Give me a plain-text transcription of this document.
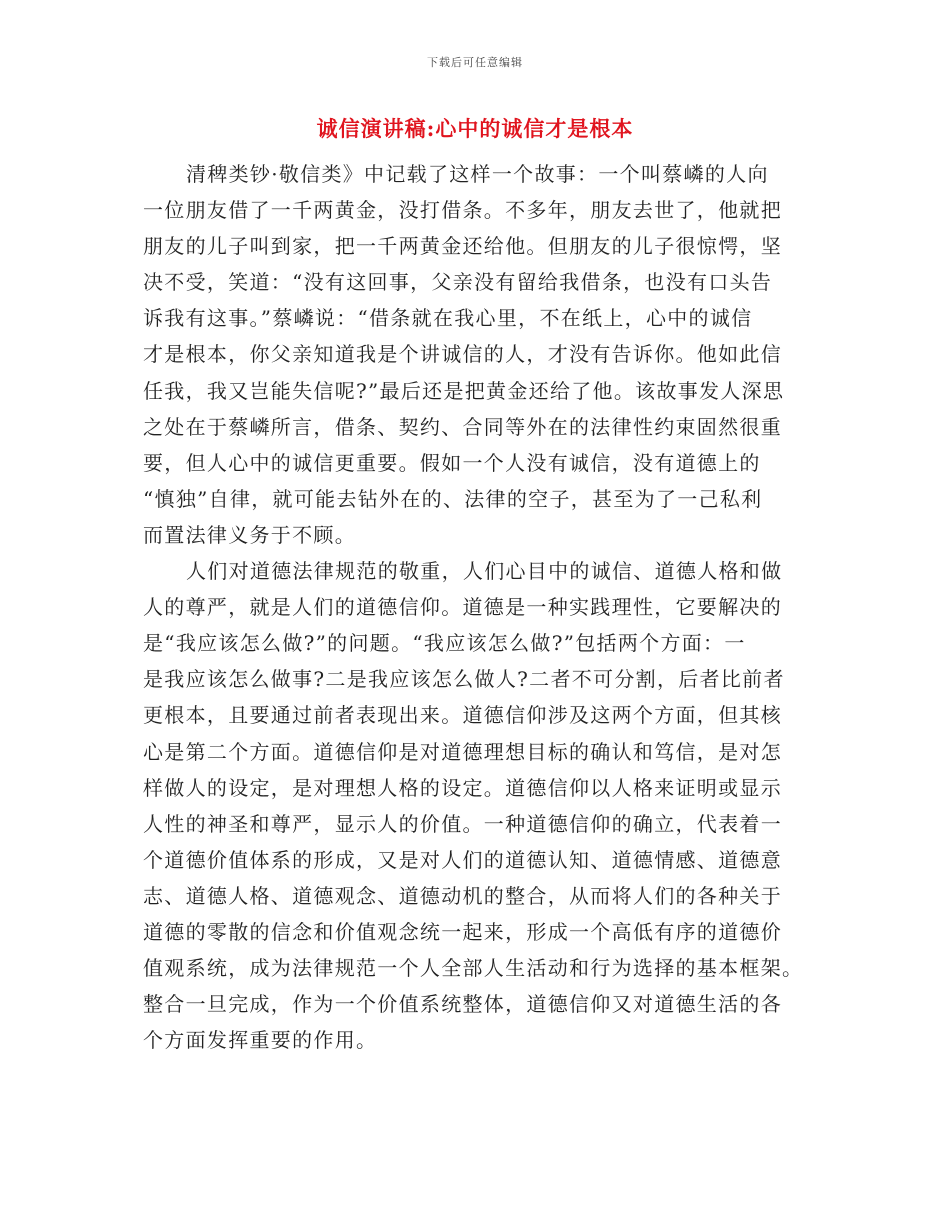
下载后可任意编辑
诚信演讲稿:心中的诚信才是根本
清稗类钞·敬信类》中记载了这样一个故事：一个叫蔡嶙的人向
一位朋友借了一千两黄金，没打借条。不多年，朋友去世了，他就把
朋友的儿子叫到家，把一千两黄金还给他。但朋友的儿子很惊愕，坚
决不受，笑道：“没有这回事，父亲没有留给我借条，也没有口头告
诉我有这事。”蔡嶙说：“借条就在我心里，不在纸上，心中的诚信
才是根本，你父亲知道我是个讲诚信的人，才没有告诉你。他如此信
任我，我又岂能失信呢?”最后还是把黄金还给了他。该故事发人深思
之处在于蔡嶙所言，借条、契约、合同等外在的法律性约束固然很重
要，但人心中的诚信更重要。假如一个人没有诚信，没有道德上的
“慎独”自律，就可能去钻外在的、法律的空子，甚至为了一己私利
而置法律义务于不顾。
人们对道德法律规范的敬重，人们心目中的诚信、道德人格和做
人的尊严，就是人们的道德信仰。道德是一种实践理性，它要解决的
是“我应该怎么做?”的问题。“我应该怎么做?”包括两个方面：一
是我应该怎么做事?二是我应该怎么做人?二者不可分割，后者比前者
更根本，且要通过前者表现出来。道德信仰涉及这两个方面，但其核
心是第二个方面。道德信仰是对道德理想目标的确认和笃信，是对怎
样做人的设定，是对理想人格的设定。道德信仰以人格来证明或显示
人性的神圣和尊严，显示人的价值。一种道德信仰的确立，代表着一
个道德价值体系的形成，又是对人们的道德认知、道德情感、道德意
志、道德人格、道德观念、道德动机的整合，从而将人们的各种关于
道德的零散的信念和价值观念统一起来，形成一个高低有序的道德价
值观系统，成为法律规范一个人全部人生活动和行为选择的基本框架。
整合一旦完成，作为一个价值系统整体，道德信仰又对道德生活的各
个方面发挥重要的作用。
